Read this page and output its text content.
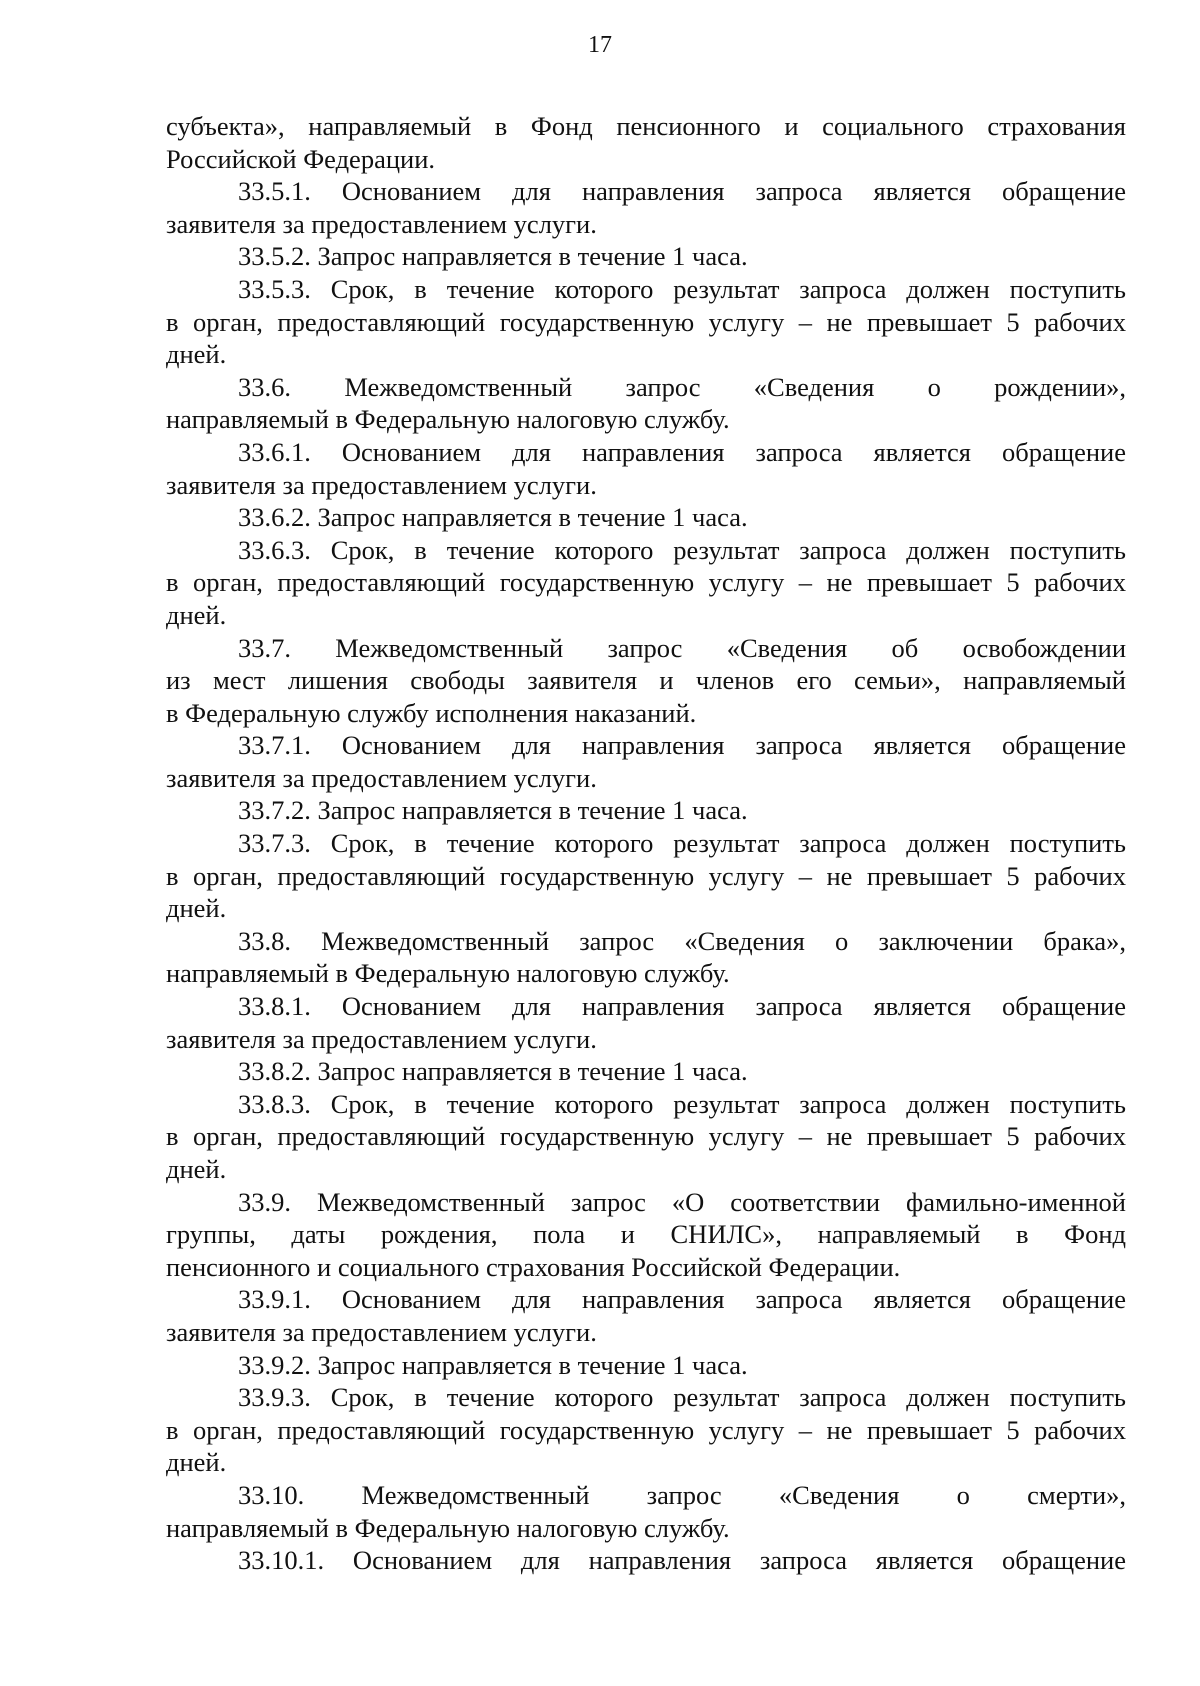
17

субъекта», направляемый в Фонд пенсионного и социального страхования

Российской Федерации.

33.5.1. Основанием для направления запроса является обращение

заявителя за предоставлением услуги.

33.5.2. Запрос направляется в течение 1 часа.

33.5.3. Срок, в течение которого результат запроса должен поступить

в орган, предоставляющий государственную услугу – не превышает 5 рабочих

дней.

33.6. Межведомственный запрос «Сведения о рождении»,

направляемый в Федеральную налоговую службу.

33.6.1. Основанием для направления запроса является обращение

заявителя за предоставлением услуги.

33.6.2. Запрос направляется в течение 1 часа.

33.6.3. Срок, в течение которого результат запроса должен поступить

в орган, предоставляющий государственную услугу – не превышает 5 рабочих

дней.

33.7. Межведомственный запрос «Сведения об освобождении

из мест лишения свободы заявителя и членов его семьи», направляемый

в Федеральную службу исполнения наказаний.

33.7.1. Основанием для направления запроса является обращение

заявителя за предоставлением услуги.

33.7.2. Запрос направляется в течение 1 часа.

33.7.3. Срок, в течение которого результат запроса должен поступить

в орган, предоставляющий государственную услугу – не превышает 5 рабочих

дней.

33.8. Межведомственный запрос «Сведения о заключении брака»,

направляемый в Федеральную налоговую службу.

33.8.1. Основанием для направления запроса является обращение

заявителя за предоставлением услуги.

33.8.2. Запрос направляется в течение 1 часа.

33.8.3. Срок, в течение которого результат запроса должен поступить

в орган, предоставляющий государственную услугу – не превышает 5 рабочих

дней.

33.9. Межведомственный запрос «О соответствии фамильно-именной

группы, даты рождения, пола и СНИЛС», направляемый в Фонд

пенсионного и социального страхования Российской Федерации.

33.9.1. Основанием для направления запроса является обращение

заявителя за предоставлением услуги.

33.9.2. Запрос направляется в течение 1 часа.

33.9.3. Срок, в течение которого результат запроса должен поступить

в орган, предоставляющий государственную услугу – не превышает 5 рабочих

дней.

33.10. Межведомственный запрос «Сведения о смерти»,

направляемый в Федеральную налоговую службу.

33.10.1. Основанием для направления запроса является обращение
